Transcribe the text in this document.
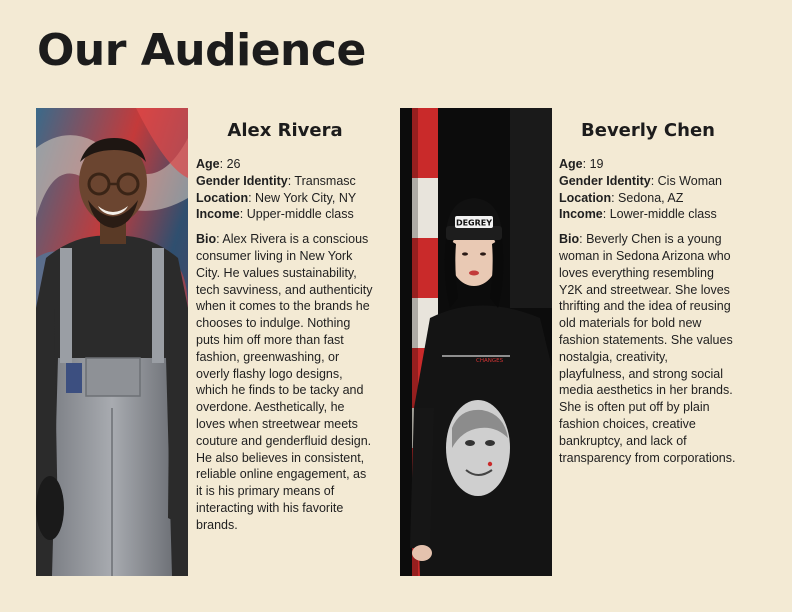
Our Audience
Alex Rivera
Age: 26
Gender Identity: Transmasc
Location: New York City, NY
Income: Upper-middle class

Bio: Alex Rivera is a conscious consumer living in New York City. He values sustainability, tech savviness, and authenticity when it comes to the brands he chooses to indulge. Nothing puts him off more than fast fashion, greenwashing, or overly flashy logo designs, which he finds to be tacky and overdone. Aesthetically, he loves when streetwear meets couture and genderfluid design. He also believes in consistent, reliable online engagement, as it is his primary means of interacting with his favorite brands.

DEGREY
CHANGES
Beverly Chen
Age: 19
Gender Identity: Cis Woman
Location: Sedona, AZ
Income: Lower-middle class

Bio: Beverly Chen is a young woman in Sedona Arizona who loves everything resembling Y2K and streetwear. She loves thrifting and the idea of reusing old materials for bold new fashion statements. She values nostalgia, creativity, playfulness, and strong social media aesthetics in her brands. She is often put off by plain fashion choices, creative bankruptcy, and lack of transparency from corporations.
